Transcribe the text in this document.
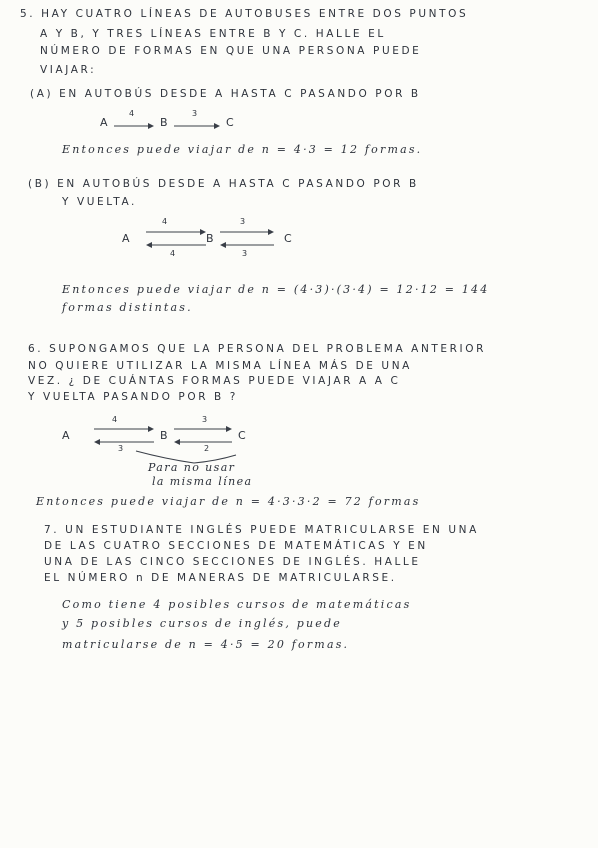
5. HAY CUATRO LÍNEAS DE AUTOBUSES ENTRE DOS PUNTOS
A Y B, Y TRES LÍNEAS ENTRE B Y C. HALLE EL
NÚMERO DE FORMAS EN QUE UNA PERSONA PUEDE
VIAJAR:
(A) EN AUTOBÚS DESDE A HASTA C PASANDO POR B
A
4
B
3
C
Entonces puede viajar de n = 4·3 = 12 formas.
(B) EN AUTOBÚS DESDE A HASTA C PASANDO POR B
Y VUELTA.
A
4
4
B
3
3
C
Entonces puede viajar de n = (4·3)·(3·4) = 12·12 = 144
formas distintas.
6. SUPONGAMOS QUE LA PERSONA DEL PROBLEMA ANTERIOR
NO QUIERE UTILIZAR LA MISMA LÍNEA MÁS DE UNA
VEZ. ¿ DE CUÁNTAS FORMAS PUEDE VIAJAR A A C
Y VUELTA PASANDO POR B ?
A
4
3
B
3
2
C
Para no usar
la misma línea
Entonces puede viajar de n = 4·3·3·2 = 72 formas
7. UN ESTUDIANTE INGLÉS PUEDE MATRICULARSE EN UNA
DE LAS CUATRO SECCIONES DE MATEMÁTICAS Y EN
UNA DE LAS CINCO SECCIONES DE INGLÉS. HALLE
EL NÚMERO n DE MANERAS DE MATRICULARSE.
Como tiene 4 posibles cursos de matemáticas
y 5 posibles cursos de inglés, puede
matricularse de n = 4·5 = 20 formas.
